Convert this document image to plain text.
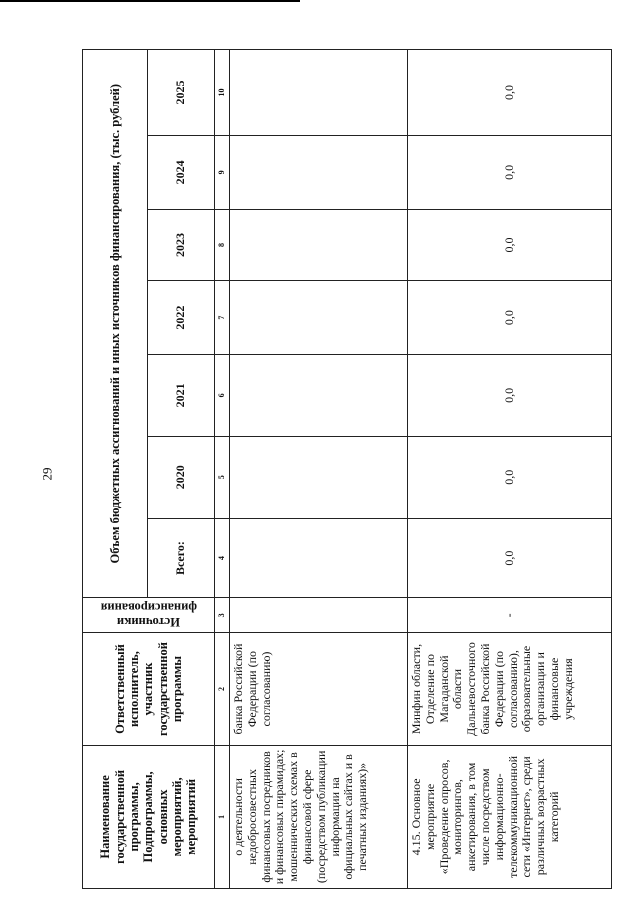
29
Наименование государственной программы, Подпрограммы, основных мероприятий, мероприятий	Ответственный исполнитель, участник государственной программы	Источники финансирования	Объем бюджетных ассигнований и иных источников финансирования, (тыс. рублей)						
			Всего:	2020	2021	2022	2023	2024	2025
1	2	3	4	5	6	7	8	9	10
о деятельности недобросовестных финансовых посредников и финансовых пирамидах; мошеннических схемах в финансовой сфере (посредством публикации информации на официальных сайтах и в печатных изданиях)»	банка Российской Федерации (по согласованию)								
4.15. Основное мероприятие «Проведение опросов, мониторингов, анкетирования, в том числе посредством информационно-телекоммуникационной сети «Интернет», среди различных возрастных категорий	Минфин области, Отделение по Магаданской области Дальневосточного банка Российской Федерации (по согласованию), образовательные организации и финансовые учреждения	-	0,0	0,0	0,0	0,0	0,0	0,0	0,0
